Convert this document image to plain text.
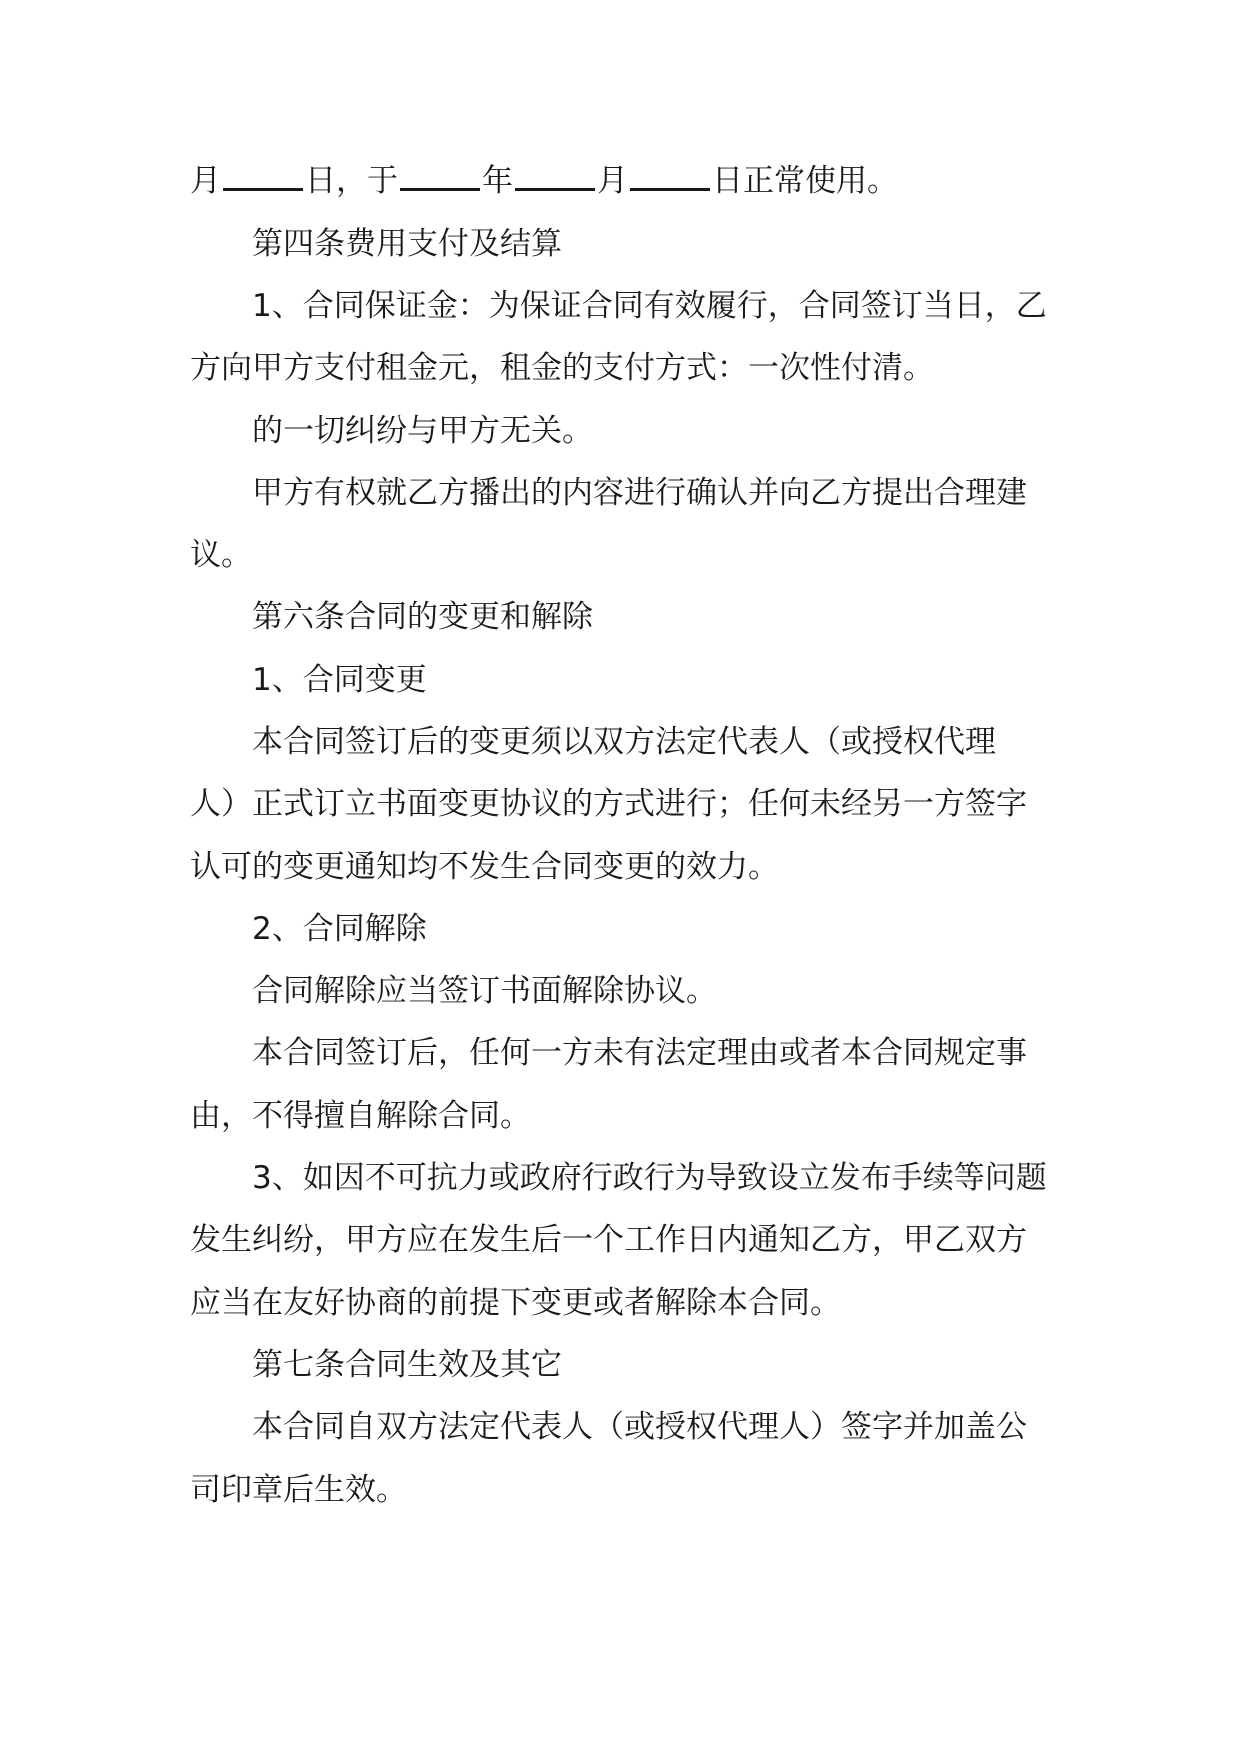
月	日，于	年	月	日正常使用。
第四条费用支付及结算
1、合同保证金：为保证合同有效履行，合同签订当日，乙
方向甲方支付租金元，租金的支付方式：一次性付清。
的一切纠纷与甲方无关。
甲方有权就乙方播出的内容进行确认并向乙方提出合理建
议。
第六条合同的变更和解除
1、合同变更
本合同签订后的变更须以双方法定代表人（或授权代理
人）正式订立书面变更协议的方式进行；任何未经另一方签字
认可的变更通知均不发生合同变更的效力。
2、合同解除
合同解除应当签订书面解除协议。
本合同签订后，任何一方未有法定理由或者本合同规定事
由，不得擅自解除合同。
3、如因不可抗力或政府行政行为导致设立发布手续等问题
发生纠纷，甲方应在发生后一个工作日内通知乙方，甲乙双方
应当在友好协商的前提下变更或者解除本合同。
第七条合同生效及其它
本合同自双方法定代表人（或授权代理人）签字并加盖公
司印章后生效。
